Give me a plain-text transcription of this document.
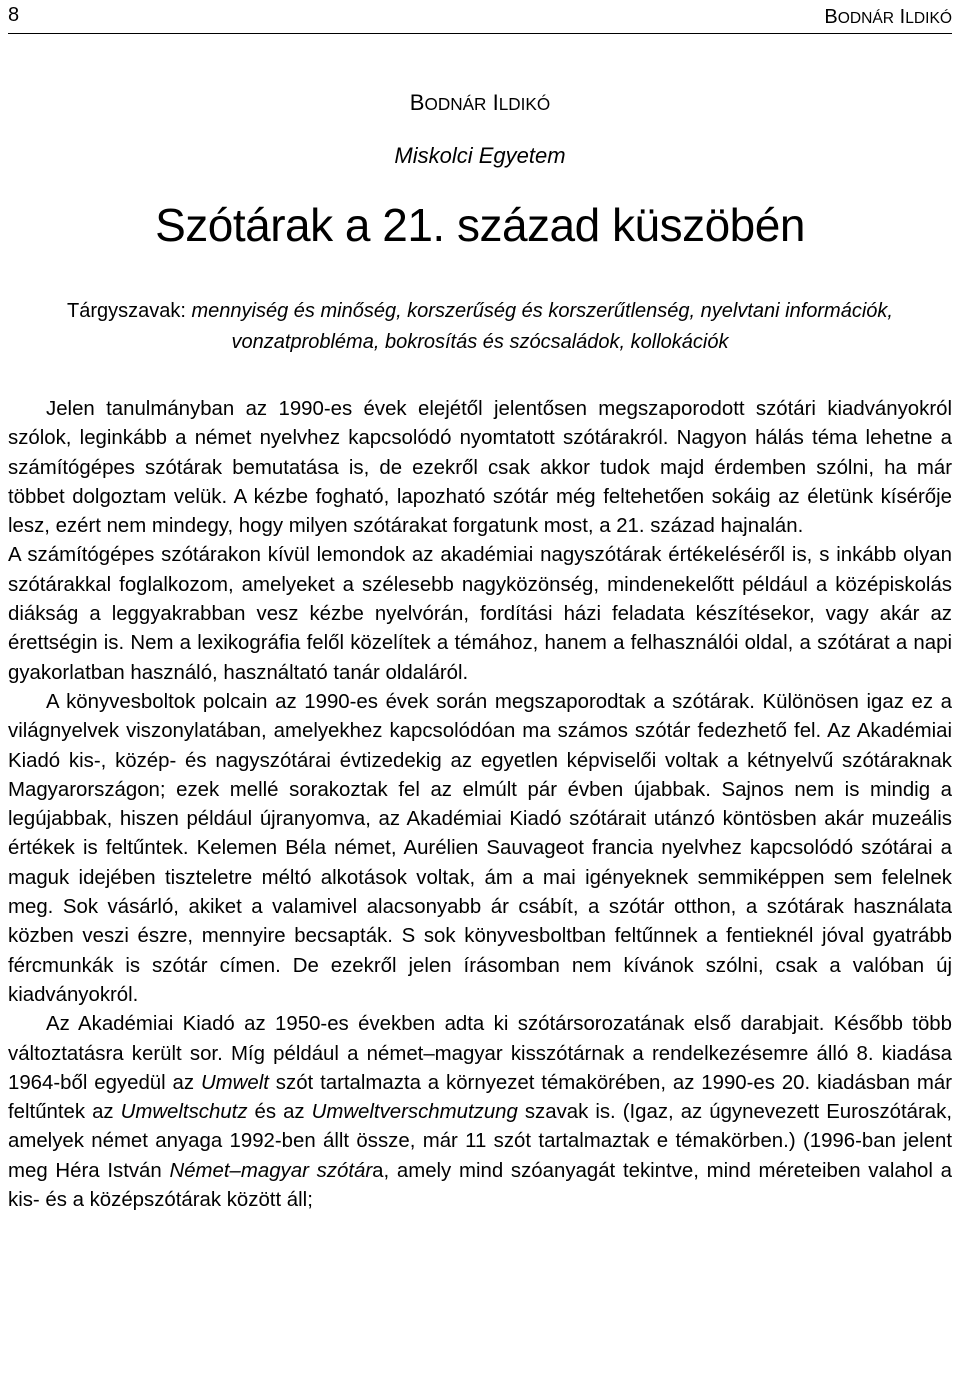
8	BODNÁR ILDIKÓ
BODNÁR ILDIKÓ
Miskolci Egyetem
Szótárak a 21. század küszöbén
Tárgyszavak: mennyiség és minőség, korszerűség és korszerűtlenség, nyelvtani információk, vonzatprobléma, bokrosítás és szócsaládok, kollokációk

Jelen tanulmányban az 1990-es évek elejétől jelentősen megszaporodott szótári kiadványokról szólok, leginkább a német nyelvhez kapcsolódó nyomtatott szótárakról. Nagyon hálás téma lehetne a számítógépes szótárak bemutatása is, de ezekről csak akkor tudok majd érdemben szólni, ha már többet dolgoztam velük. A kézbe fogható, lapozható szótár még feltehetően sokáig az életünk kísérője lesz, ezért nem mindegy, hogy milyen szótárakat forgatunk most, a 21. század hajnalán.

A számítógépes szótárakon kívül lemondok az akadémiai nagyszótárak értékeléséről is, s inkább olyan szótárakkal foglalkozom, amelyeket a szélesebb nagyközönség, mindenekelőtt például a középiskolás diákság a leggyakrabban vesz kézbe nyelvórán, fordítási házi feladata készítésekor, vagy akár az érettségin is. Nem a lexikográfia felől közelítek a témához, hanem a felhasználói oldal, a szótárat a napi gyakorlatban használó, használtató tanár oldaláról.

A könyvesboltok polcain az 1990-es évek során megszaporodtak a szótárak. Különösen igaz ez a világnyelvek viszonylatában, amelyekhez kapcsolódóan ma számos szótár fedezhető fel. Az Akadémiai Kiadó kis-, közép- és nagyszótárai évtizedekig az egyetlen képviselői voltak a kétnyelvű szótáraknak Magyarországon; ezek mellé sorakoztak fel az elmúlt pár évben újabbak. Sajnos nem is mindig a legújabbak, hiszen például újranyomva, az Akadémiai Kiadó szótárait utánzó köntösben akár muzeális értékek is feltűntek. Kelemen Béla német, Aurélien Sauvageot francia nyelvhez kapcsolódó szótárai a maguk idejében tiszteletre méltó alkotások voltak, ám a mai igényeknek semmiképpen sem felelnek meg. Sok vásárló, akiket a valamivel alacsonyabb ár csábít, a szótár otthon, a szótárak használata közben veszi észre, mennyire becsapták. S sok könyvesboltban feltűnnek a fentieknél jóval gyatrább fércmunkák is szótár címen. De ezekről jelen írásomban nem kívánok szólni, csak a valóban új kiadványokról.

Az Akadémiai Kiadó az 1950-es években adta ki szótársorozatának első darabjait. Később több változtatásra került sor. Míg például a német–magyar kisszótárnak a rendelkezésemre álló 8. kiadása 1964-ből egyedül az Umwelt szót tartalmazta a környezet témakörében, az 1990-es 20. kiadásban már feltűntek az Umweltschutz és az Umweltverschmutzung szavak is. (Igaz, az úgynevezett Euroszótárak, amelyek német anyaga 1992-ben állt össze, már 11 szót tartalmaztak e témakörben.) (1996-ban jelent meg Héra István Német–magyar szótára, amely mind szóanyagát tekintve, mind méreteiben valahol a kis- és a középszótárak között áll;
